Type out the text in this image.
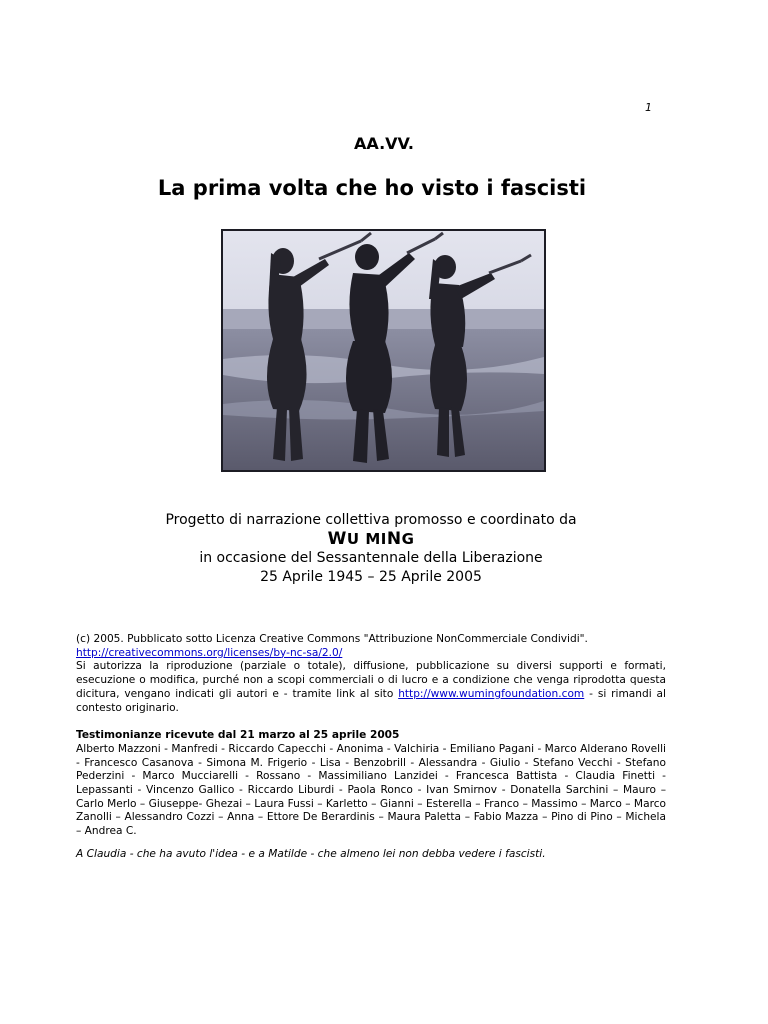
1
AA.VV.
La prima volta che ho visto i fascisti
Progetto di narrazione collettiva promosso e coordinato da
WU MING
in occasione del Sessantennale della Liberazione
25 Aprile 1945 – 25 Aprile 2005

(c) 2005. Pubblicato sotto Licenza Creative Commons "Attribuzione NonCommerciale Condividi".

http://creativecommons.org/licenses/by-nc-sa/2.0/

Si autorizza la riproduzione (parziale o totale), diffusione, pubblicazione su diversi supporti e formati, esecuzione o modifica, purché non a scopi commerciali o di lucro e a condizione che venga riprodotta questa dicitura, vengano indicati gli autori e - tramite link al sito http://www.wumingfoundation.com - si rimandi al contesto originario.

Testimonianze ricevute dal 21 marzo al 25 aprile 2005

Alberto Mazzoni - Manfredi - Riccardo Capecchi - Anonima - Valchiria - Emiliano Pagani - Marco Alderano Rovelli - Francesco Casanova - Simona M. Frigerio - Lisa - Benzobrill - Alessandra - Giulio - Stefano Vecchi - Stefano Pederzini - Marco Mucciarelli - Rossano - Massimiliano Lanzidei - Francesca Battista - Claudia Finetti - Lepassanti - Vincenzo Gallico - Riccardo Liburdi - Paola Ronco - Ivan Smirnov - Donatella Sarchini – Mauro – Carlo Merlo – Giuseppe- Ghezai – Laura Fussi – Karletto – Gianni – Esterella – Franco – Massimo – Marco – Marco Zanolli – Alessandro Cozzi – Anna – Ettore De Berardinis – Maura Paletta – Fabio Mazza – Pino di Pino – Michela – Andrea C.

A Claudia - che ha avuto l'idea - e a Matilde - che almeno lei non debba vedere i fascisti.
